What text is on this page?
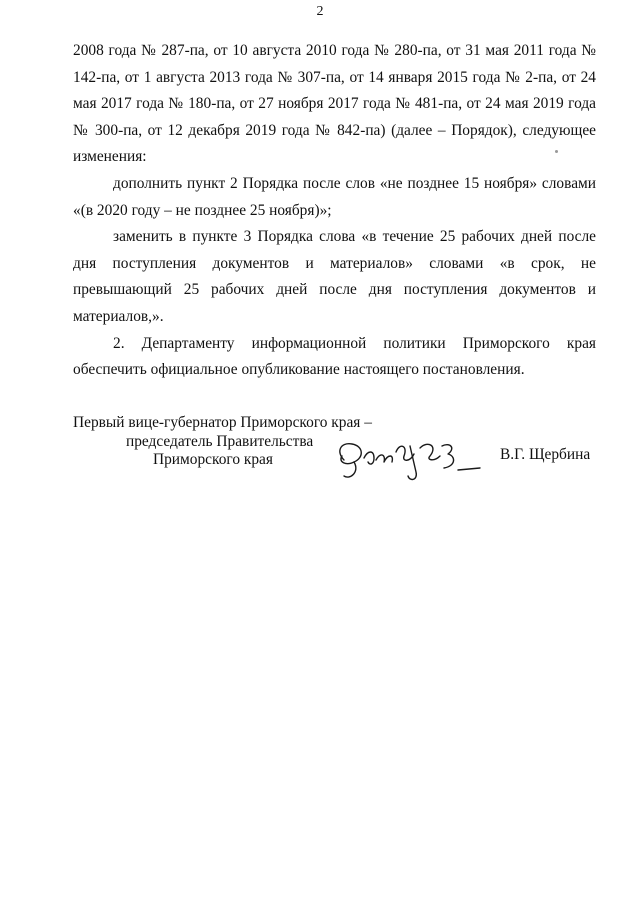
2

2008 года № 287-па, от 10 августа 2010 года № 280-па, от 31 мая 2011 года № 142-па, от 1 августа 2013 года № 307-па, от 14 января 2015 года № 2-па, от 24 мая 2017 года № 180-па, от 27 ноября 2017 года № 481-па, от 24 мая 2019 года № 300-па, от 12 декабря 2019 года № 842-па) (далее – Порядок), следующее изменения:

дополнить пункт 2 Порядка после слов «не позднее 15 ноября» словами «(в 2020 году – не позднее 25 ноября)»;

заменить в пункте 3 Порядка слова «в течение 25 рабочих дней после дня поступления документов и материалов» словами «в срок, не превышающий 25 рабочих дней после дня поступления документов и материалов,».

2. Департаменту информационной политики Приморского края обеспечить официальное опубликование настоящего постановления.

Первый вице-губернатор Приморского края –
председатель Правительства
Приморского края	В.Г. Щербина
